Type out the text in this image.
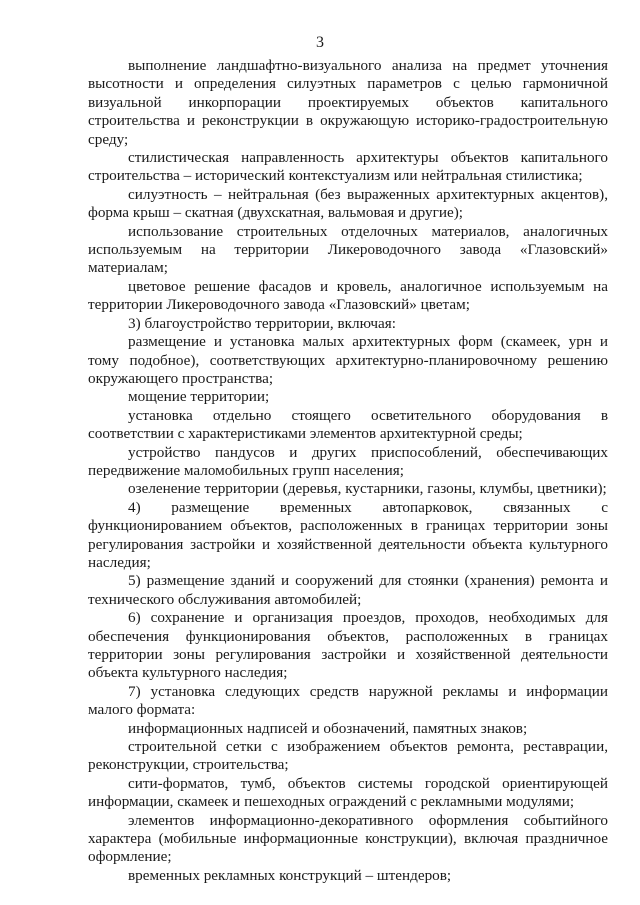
3

выполнение ландшафтно-визуального анализа на предмет уточнения высотности и определения силуэтных параметров с целью гармоничной визуальной инкорпорации проектируемых объектов капитального строительства и реконструкции в окружающую историко-градостроительную среду;

стилистическая направленность архитектуры объектов капитального строительства – исторический контекстуализм или нейтральная стилистика;

силуэтность – нейтральная (без выраженных архитектурных акцентов), форма крыш – скатная (двухскатная, вальмовая и другие);

использование строительных отделочных материалов, аналогичных используемым на территории Ликероводочного завода «Глазовский» материалам;

цветовое решение фасадов и кровель, аналогичное используемым на территории Ликероводочного завода «Глазовский» цветам;

3) благоустройство территории, включая:

размещение и установка малых архитектурных форм (скамеек, урн и тому подобное), соответствующих архитектурно-планировочному решению окружающего пространства;

мощение территории;

установка отдельно стоящего осветительного оборудования в соответствии с характеристиками элементов архитектурной среды;

устройство пандусов и других приспособлений, обеспечивающих передвижение маломобильных групп населения;

озеленение территории (деревья, кустарники, газоны, клумбы, цветники);

4) размещение временных автопарковок, связанных с функционированием объектов, расположенных в границах территории зоны регулирования застройки и хозяйственной деятельности объекта культурного наследия;

5) размещение зданий и сооружений для стоянки (хранения) ремонта и технического обслуживания автомобилей;

6) сохранение и организация проездов, проходов, необходимых для обеспечения функционирования объектов, расположенных в границах территории зоны регулирования застройки и хозяйственной деятельности объекта культурного наследия;

7) установка следующих средств наружной рекламы и информации малого формата:

информационных надписей и обозначений, памятных знаков;

строительной сетки с изображением объектов ремонта, реставрации, реконструкции, строительства;

сити-форматов, тумб, объектов системы городской ориентирующей информации, скамеек и пешеходных ограждений с рекламными модулями;

элементов информационно-декоративного оформления событийного характера (мобильные информационные конструкции), включая праздничное оформление;

временных рекламных конструкций – штендеров;
